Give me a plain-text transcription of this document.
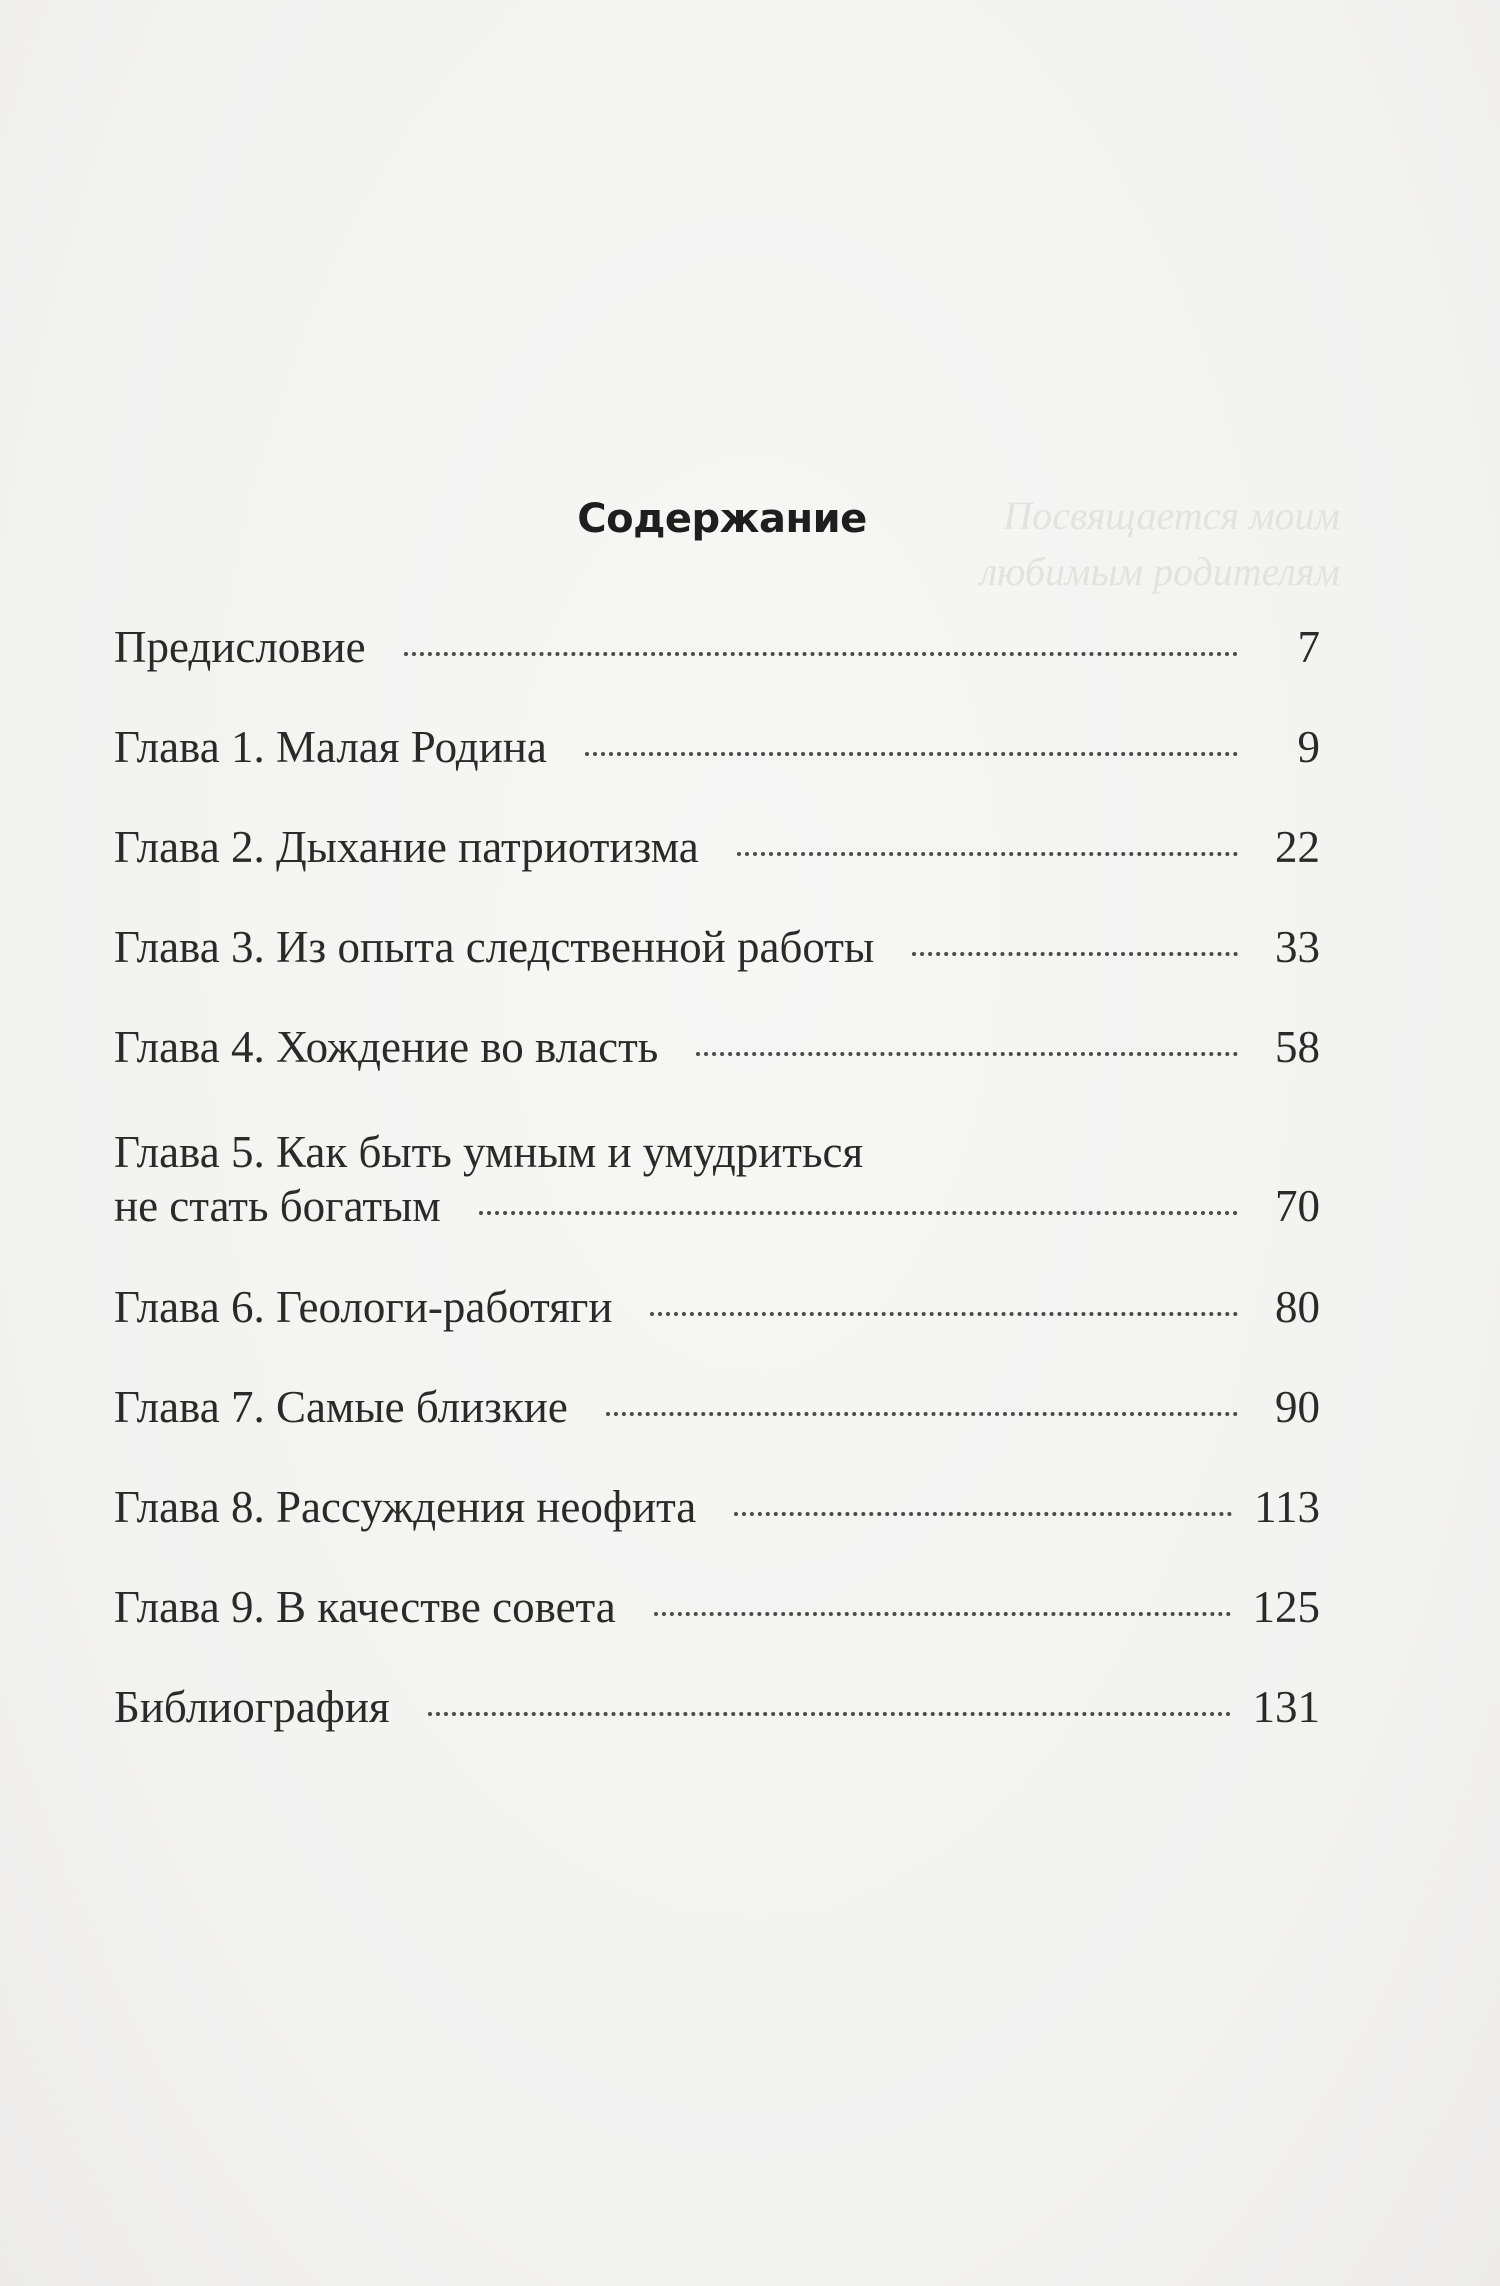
Посвящается моим
любимым родителям
Содержание
Предисловие	7
Глава 1. Малая Родина	9
Глава 2. Дыхание патриотизма	22
Глава 3. Из опыта следственной работы	33
Глава 4. Хождение во власть	58
Глава 5. Как быть умным и умудриться
не стать богатым	70
Глава 6. Геологи-работяги	80
Глава 7. Самые близкие	90
Глава 8. Рассуждения неофита	113
Глава 9. В качестве совета	125
Библиография	131
